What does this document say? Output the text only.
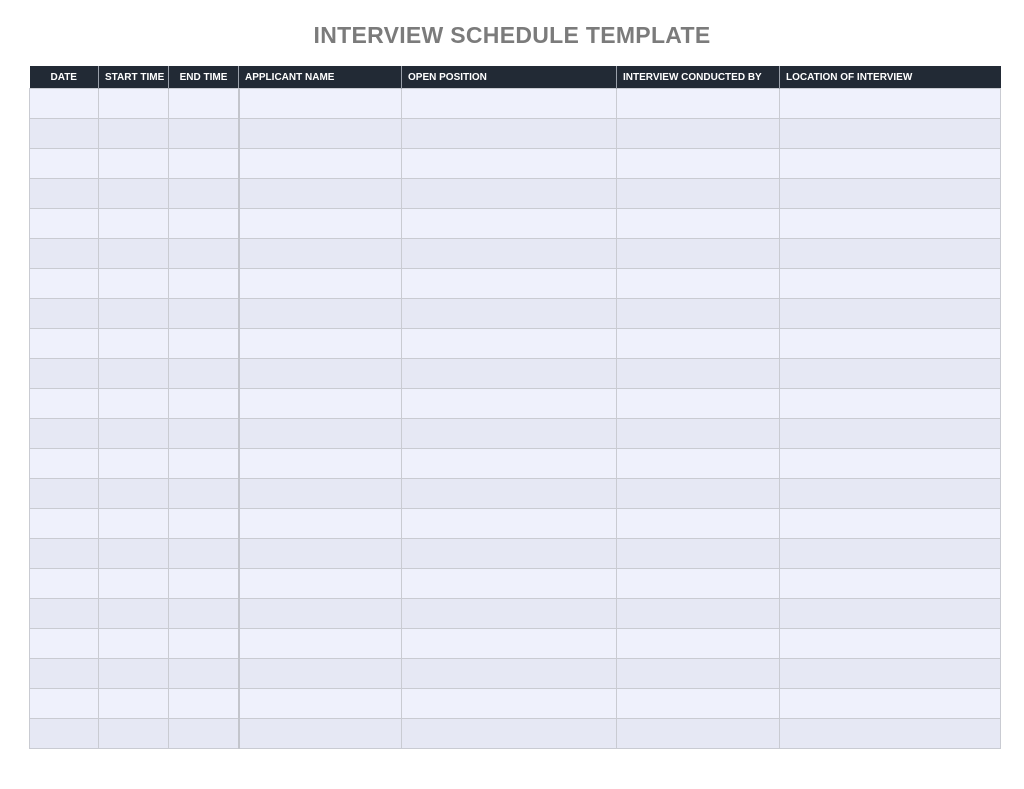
INTERVIEW SCHEDULE TEMPLATE
DATE	START TIME	END TIME	APPLICANT NAME	OPEN POSITION	INTERVIEW CONDUCTED BY	LOCATION OF INTERVIEW
